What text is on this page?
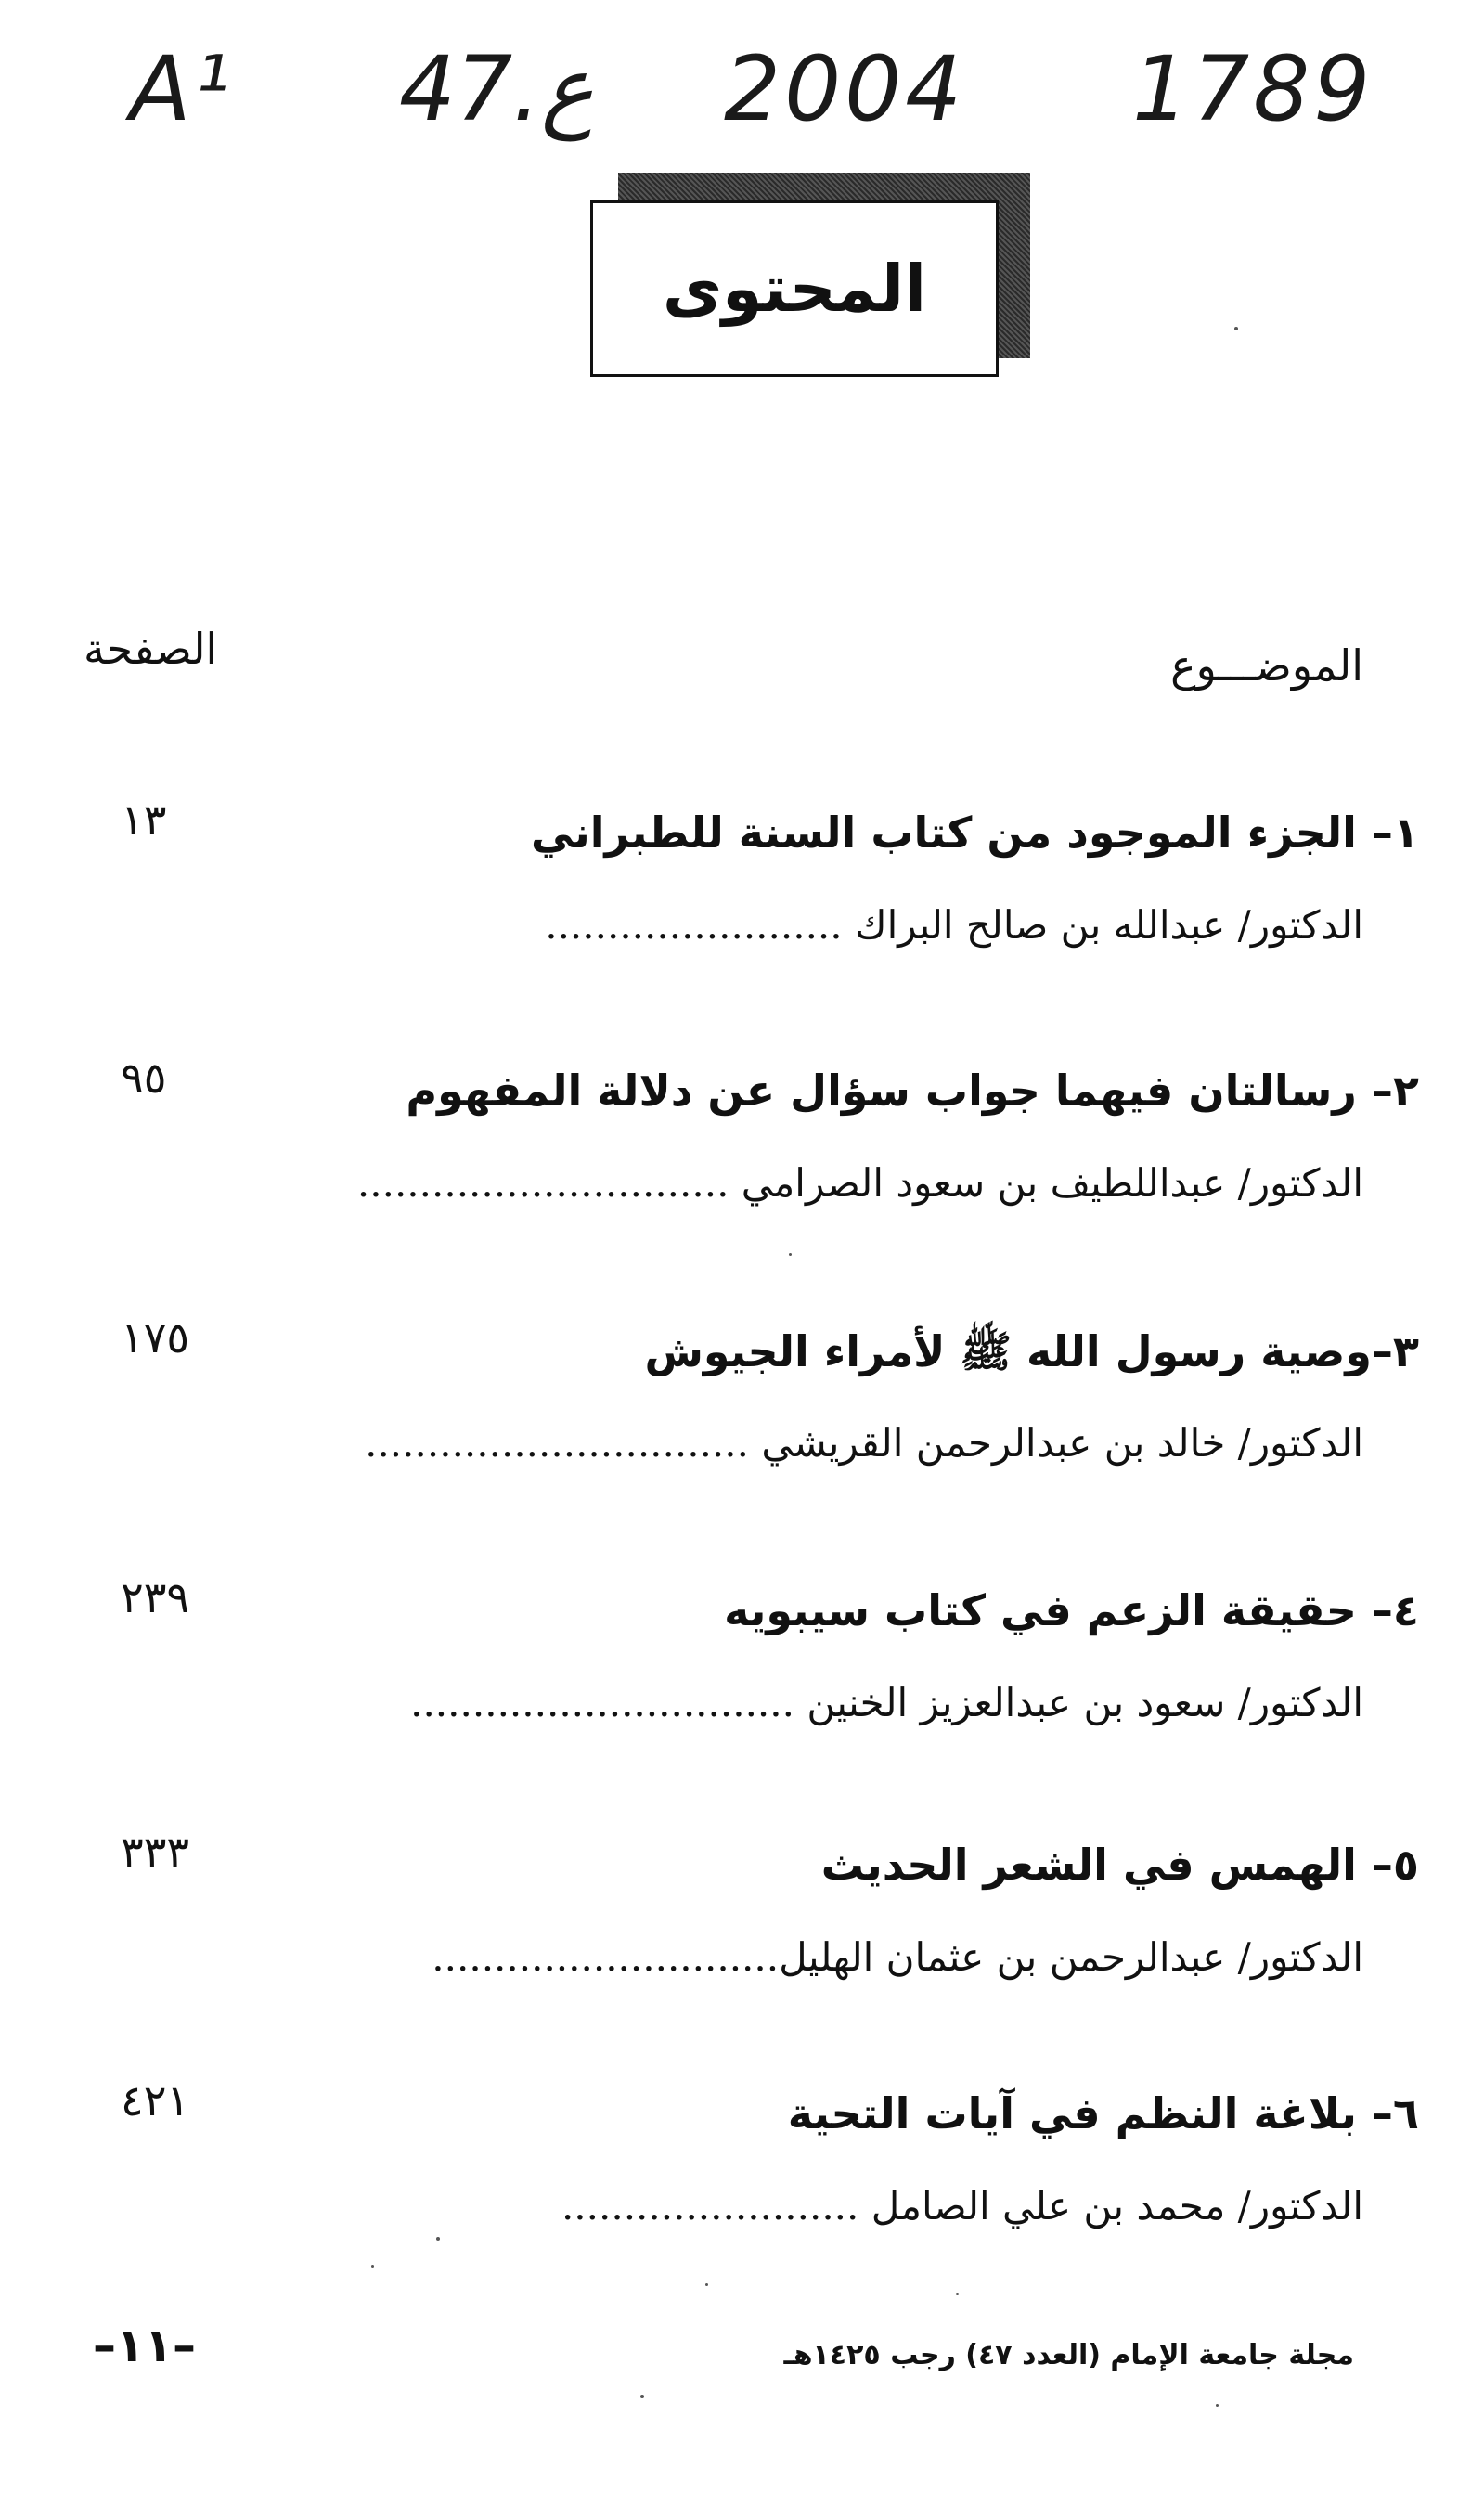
A¹ 47.ع 2004 1789
المحتوى
الصفحة	الموضـــوع
١– الجزء الموجود من كتاب السنة للطبراني
١٣
الدكتور/ عبدالله بن صالح البراك ........................
٢– رسالتان فيهما جواب سؤال عن دلالة المفهوم
٩٥
الدكتور/ عبداللطيف بن سعود الصرامي ..............................
٣–وصية رسول الله ﷺ لأمراء الجيوش
١٧٥
الدكتور/ خالد بن عبدالرحمن القريشي ...............................
٤– حقيقة الزعم في كتاب سيبويه
٢٣٩
الدكتور/ سعود بن عبدالعزيز الخنين ...............................
٥– الهمس في الشعر الحديث
٣٣٣
الدكتور/ عبدالرحمن بن عثمان الهليل............................
٦– بلاغة النظم في آيات التحية
٤٢١
الدكتور/ محمد بن علي الصامل ........................
–١١–	مجلة جامعة الإمام (العدد ٤٧) رجب ١٤٢٥هـ
